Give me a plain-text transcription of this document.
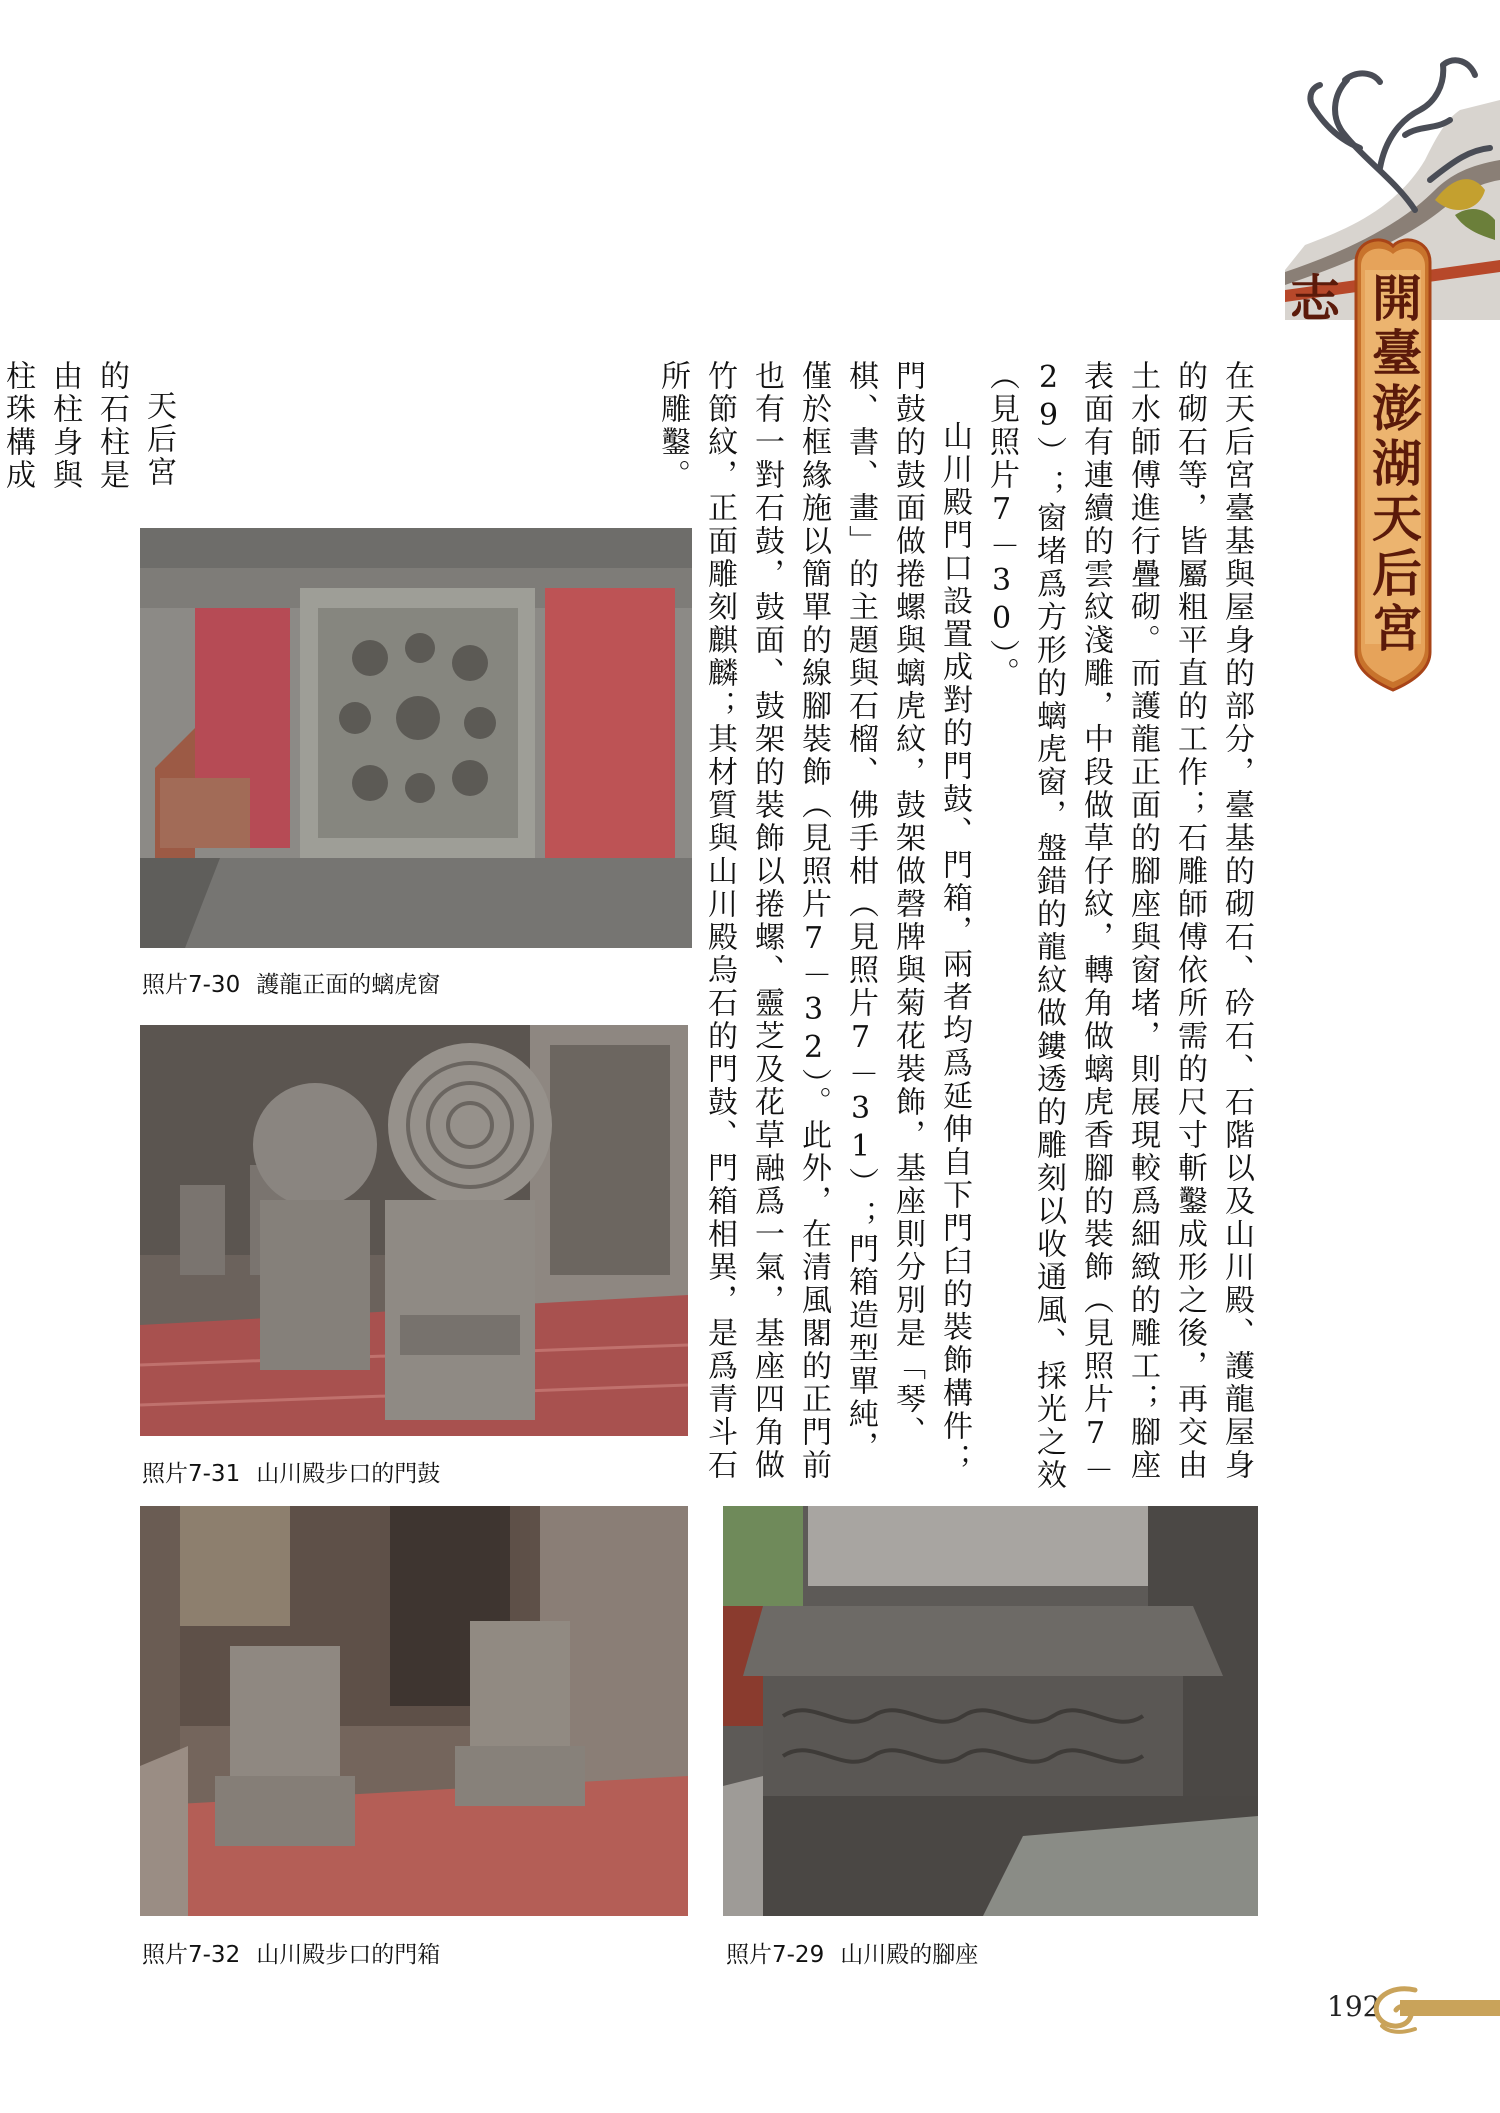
開臺澎湖天后宮志

在天后宮臺基與屋身的部分，臺基的砌石、砛石、石階以及山川殿、護龍屋身的砌石等，皆屬粗平直的工作；石雕師傅依所需的尺寸斬鑿成形之後，再交由土水師傅進行疊砌。而護龍正面的腳座與窗堵，則展現較爲細緻的雕工；腳座表面有連續的雲紋淺雕，中段做草仔紋，轉角做螭虎香腳的裝飾（見照片7－29）；窗堵爲方形的螭虎窗，盤錯的龍紋做鏤透的雕刻以收通風、採光之效（見照片7－30）。

山川殿門口設置成對的門鼓、門箱，兩者均爲延伸自下門臼的裝飾構件；門鼓的鼓面做捲螺與螭虎紋，鼓架做磬牌與菊花裝飾，基座則分別是「琴、棋、書、畫」的主題與石榴、佛手柑（見照片7－31）；門箱造型單純，僅於框緣施以簡單的線腳裝飾（見照片7－32）。此外，在清風閣的正門前也有一對石鼓，鼓面、鼓架的裝飾以捲螺、靈芝及花草融爲一氣，基座四角做竹節紋，正面雕刻麒麟；其材質與山川殿烏石的門鼓、門箱相異，是爲青斗石所雕鑿。

天后宮的石柱是由柱身與柱珠構成

照片7-30 護龍正面的螭虎窗
照片7-31 山川殿步口的門鼓
照片7-32 山川殿步口的門箱	照片7-29 山川殿的腳座
192
